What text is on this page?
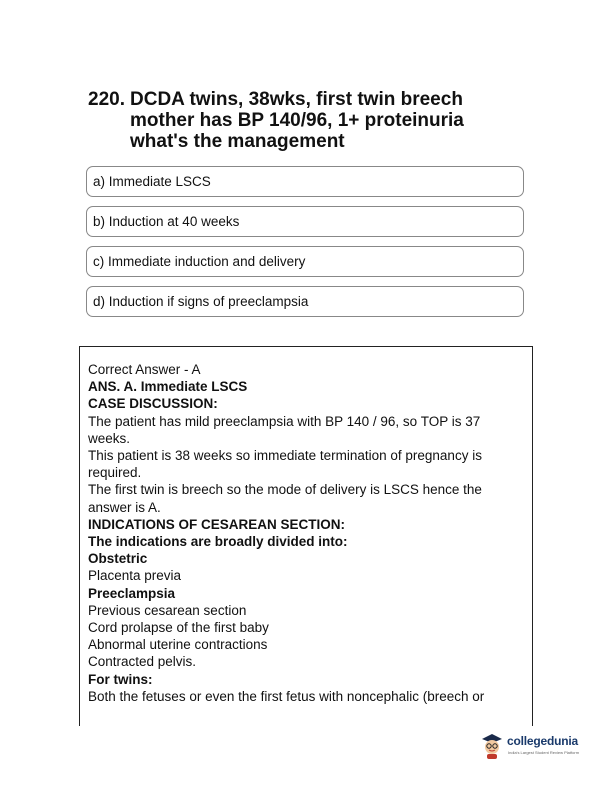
220. DCDA twins, 38wks, first twin breech
mother has BP 140/96, 1+ proteinuria
what's the management
a) Immediate LSCS
b) Induction at 40 weeks
c) Immediate induction and delivery
d) Induction if signs of preeclampsia

Correct Answer - A

ANS. A. Immediate LSCS

CASE DISCUSSION:

The patient has mild preeclampsia with BP 140 / 96, so TOP is 37 weeks.
This patient is 38 weeks so immediate termination of pregnancy is required.
The first twin is breech so the mode of delivery is LSCS hence the answer is A.

INDICATIONS OF CESAREAN SECTION:

The indications are broadly divided into:

Obstetric

Placenta previa
Preeclampsia
Previous cesarean section
Cord prolapse of the first baby
Abnormal uterine contractions
Contracted pelvis.

For twins:

Both the fetuses or even the first fetus with noncephalic (breech or
collegedunia
India's Largest Student Review Platform
